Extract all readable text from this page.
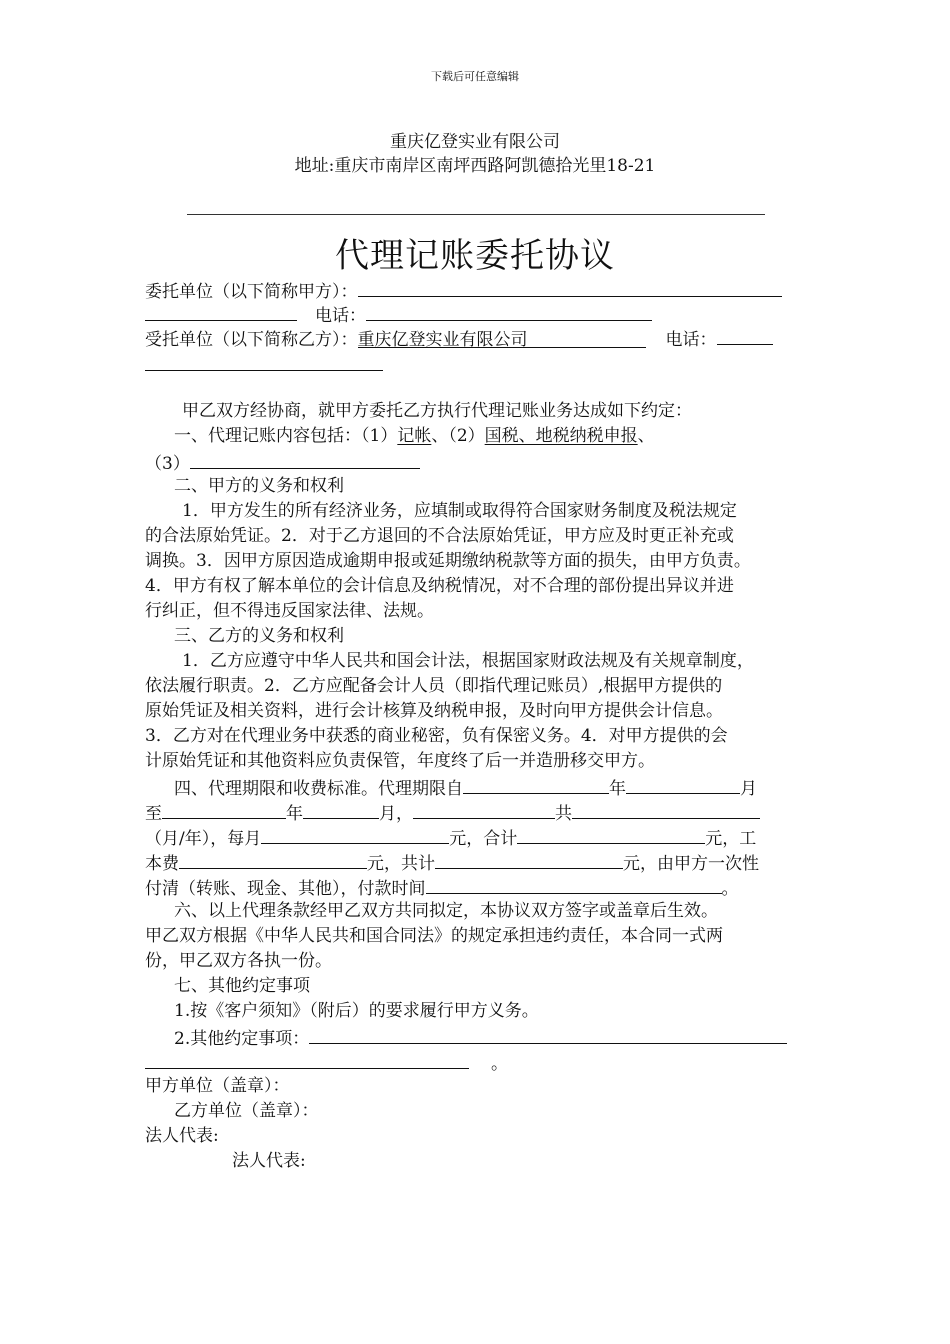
下载后可任意编辑
重庆亿登实业有限公司
地址:重庆市南岸区南坪西路阿凯德拾光里18-21
代理记账委托协议
委托单位（以下简称甲方）：
电话：
受托单位（以下简称乙方）：重庆亿登实业有限公司	电话：
甲乙双方经协商，就甲方委托乙方执行代理记账业务达成如下约定：
一、代理记账内容包括：（1）记帐、（2）国税、地税纳税申报、
（3）
二、甲方的义务和权利
1．甲方发生的所有经济业务，应填制或取得符合国家财务制度及税法规定
的合法原始凭证。2．对于乙方退回的不合法原始凭证，甲方应及时更正补充或
调换。3．因甲方原因造成逾期申报或延期缴纳税款等方面的损失，由甲方负责。
4．甲方有权了解本单位的会计信息及纳税情况，对不合理的部份提出异议并进
行纠正，但不得违反国家法律、法规。
三、乙方的义务和权利
1．乙方应遵守中华人民共和国会计法，根据国家财政法规及有关规章制度，
依法履行职责。2．乙方应配备会计人员（即指代理记账员）,根据甲方提供的
原始凭证及相关资料，进行会计核算及纳税申报，及时向甲方提供会计信息。
3．乙方对在代理业务中获悉的商业秘密，负有保密义务。4．对甲方提供的会
计原始凭证和其他资料应负责保管，年度终了后一并造册移交甲方。
四、代理期限和收费标准。代理期限自	年	月
至	年	月，	共
（月/年），每月	元，合计	元，工
本费	元，共计	元，由甲方一次性
付清（转账、现金、其他），付款时间	。
六、以上代理条款经甲乙双方共同拟定，本协议双方签字或盖章后生效。
甲乙双方根据《中华人民共和国合同法》的规定承担违约责任，本合同一式两
份，甲乙双方各执一份。
七、其他约定事项
1.按《客户须知》（附后）的要求履行甲方义务。
2.其他约定事项：
。
甲方单位（盖章）：
乙方单位（盖章）：
法人代表:
法人代表:
